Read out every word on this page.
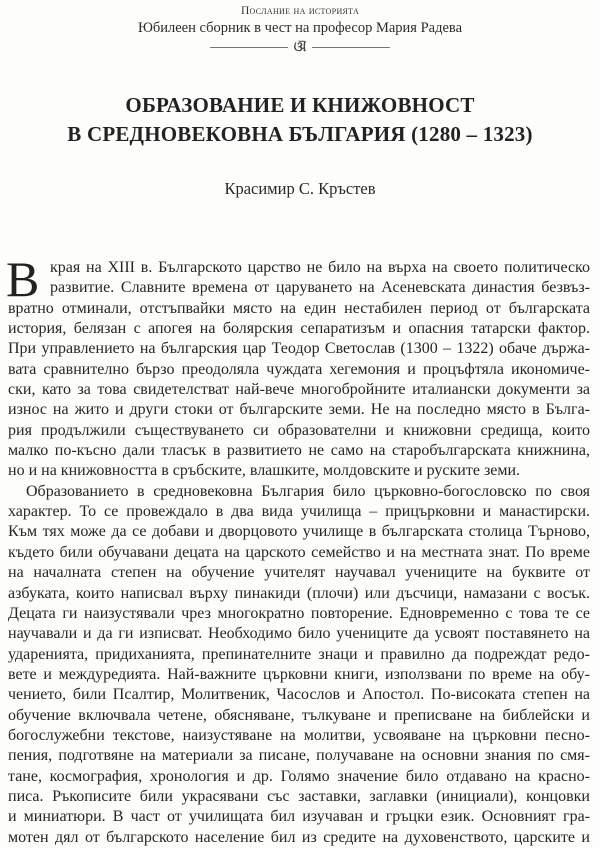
Послание на историята
Юбилеен сборник в чест на професор Мария Радева
ଔ
ОБРАЗОВАНИЕ И КНИЖОВНОСТ
В СРЕДНОВЕКОВНА БЪЛГАРИЯ (1280 – 1323)
Красимир С. Кръстев
В края на XIII в. Българското царство не било на върха на своето политическо
развитие. Славните времена от царуването на Асеневската династия безвъз-
вратно отминали, отстъпвайки място на един нестабилен период от българската
история, белязан с апогея на болярския сепаратизъм и опасния татарски фактор.
При управлението на българския цар Теодор Светослав (1300 – 1322) обаче държа-
вата сравнително бързо преодоляла чуждата хегемония и процъфтяла икономиче-
ски, като за това свидетелстват най-вече многобройните италиански документи за
износ на жито и други стоки от българските земи. Не на последно място в Бълга-
рия продължили съществуването си образователни и книжовни средища, които
малко по-късно дали тласък в развитието не само на старобългарската книжнина,
но и на книжовността в сръбските, влашките, молдовските и руските земи.
Образованието в средновековна България било църковно-богословско по своя
характер. То се провеждало в два вида училища – прицърковни и манастирски.
Към тях може да се добави и дворцовото училище в българската столица Търново,
където били обучавани децата на царското семейство и на местната знат. По време
на началната степен на обучение учителят научавал учениците на буквите от
азбуката, които написвал върху пинакиди (плочи) или дъсчици, намазани с восък.
Децата ги наизустявали чрез многократно повторение. Едновременно с това те се
научавали и да ги изписват. Необходимо било учениците да усвоят поставянето на
ударенията, придиханията, препинателните знаци и правилно да подреждат редо-
вете и междуредията. Най-важните църковни книги, използвани по време на обу-
чението, били Псалтир, Молитвеник, Часослов и Апостол. По-високата степен на
обучение включвала четене, обясняване, тълкуване и преписване на библейски и
богослужебни текстове, наизустяване на молитви, усвояване на църковни песно-
пения, подготвяне на материали за писане, получаване на основни знания по смя-
тане, космография, хронология и др. Голямо значение било отдавано на красно-
писа. Ръкописите били украсявани със заставки, заглавки (инициали), концовки
и миниатюри. В част от училищата бил изучаван и гръцки език. Основният гра-
мотен дял от българското население бил из средите на духовенството, царските и
